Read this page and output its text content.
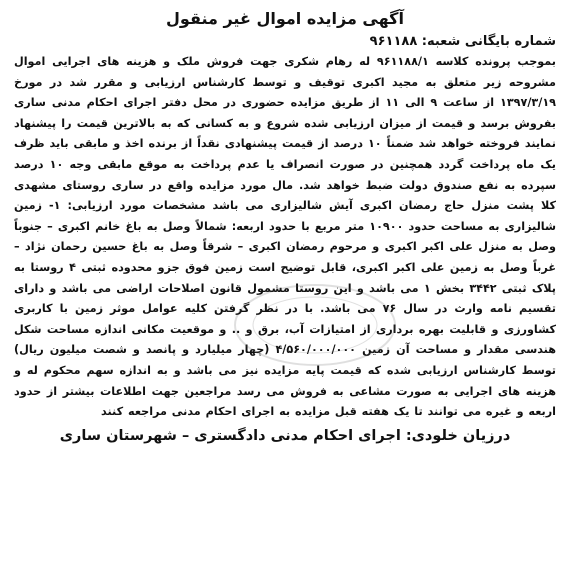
آگهی مزایده اموال غیر منقول
شماره بایگانی شعبه: ۹۶۱۱۸۸

بموجب پرونده کلاسه ۹۶۱۱۸۸/۱ له رهام شکری جهت فروش ملک و هزینه های اجرایی اموال مشروحه زیر متعلق به مجید اکبری توقیف و توسط کارشناس ارزیابی و مقرر شد در مورخ ۱۳۹۷/۳/۱۹ از ساعت ۹ الی ۱۱ از طریق مزایده حضوری در محل دفتر اجرای احکام مدنی ساری بفروش برسد و قیمت از میزان ارزیابی شده شروع و به کسانی که به بالاترین قیمت را پیشنهاد نمایند فروخته خواهد شد ضمناً ۱۰ درصد از قیمت پیشنهادی نقداً از برنده اخذ و مابقی باید ظرف یک ماه پرداخت گردد همچنین در صورت انصراف یا عدم پرداخت به موقع مابقی وجه ۱۰ درصد سپرده به نفع صندوق دولت ضبط خواهد شد. مال مورد مزایده واقع در ساری روستای مشهدی کلا پشت منزل حاج رمضان اکبری آیش شالیزاری می باشد مشخصات مورد ارزیابی: ۱- زمین شالیزاری به مساحت حدود ۱۰۹۰۰ متر مربع با حدود اربعه: شمالاً وصل به باغ خانم اکبری – جنوباً وصل به منزل علی اکبر اکبری و مرحوم رمضان اکبری – شرقاً وصل به باغ حسین رحمان نژاد – غرباً وصل به زمین علی اکبر اکبری، قابل توضیح است زمین فوق جزو محدوده ثبتی ۴ روستا به پلاک ثبتی ۳۴۴۲ بخش ۱ می باشد و این روستا مشمول قانون اصلاحات اراضی می باشد و دارای تقسیم نامه وارث در سال ۷۶ می باشد. با در نظر گرفتن کلیه عوامل موثر زمین با کاربری کشاورزی و قابلیت بهره برداری از امتیازات آب، برق و .. و موقعیت مکانی اندازه مساحت شکل هندسی مقدار و مساحت آن زمین ۴/۵۶۰/۰۰۰/۰۰۰ (چهار میلیارد و پانصد و شصت میلیون ریال) توسط کارشناس ارزیابی شده که قیمت پایه مزایده نیز می باشد و به اندازه سهم محکوم له و هزینه های اجرایی به صورت مشاعی به فروش می رسد مراجعین جهت اطلاعات بیشتر از حدود اربعه و غیره می توانند تا یک هفته قبل مزایده به اجرای احکام مدنی مراجعه کنند

درزیان خلودی: اجرای احکام مدنی دادگستری – شهرستان ساری
